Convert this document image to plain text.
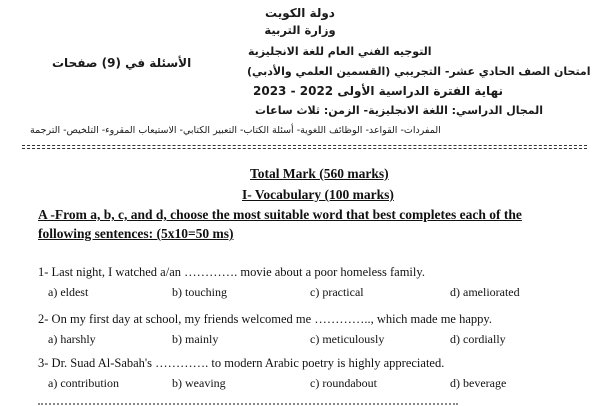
دولة الكويت
وزارة التربية
التوجيه الفني العام للغة الانجليزية
الأسئلة في (9) صفحات
امتحان الصف الحادي عشر- التجريبي (القسمين العلمي والأدبي)
نهاية الفترة الدراسية الأولى 2022 - 2023
المجال الدراسي: اللغة الانجليزية- الزمن: ثلاث ساعات
المفردات- القواعد- الوظائف اللغوية- أسئلة الكتاب- التعبير الكتابي- الاستيعاب المقروء- التلخيص- الترجمة
Total Mark (560 marks)
I- Vocabulary (100 marks)
A -From a, b, c, and d, choose the most suitable word that best completes each of the
following sentences: (5x10=50 ms)
1- Last night, I watched a/an …………. movie about a poor homeless family.
a) eldest	b) touching	c) practical	d) ameliorated
2- On my first day at school, my friends welcomed me ………….., which made me happy.
a) harshly	b) mainly	c) meticulously	d) cordially
3- Dr. Suad Al-Sabah's …………. to modern Arabic poetry is highly appreciated.
a) contribution	b) weaving	c) roundabout	d) beverage
